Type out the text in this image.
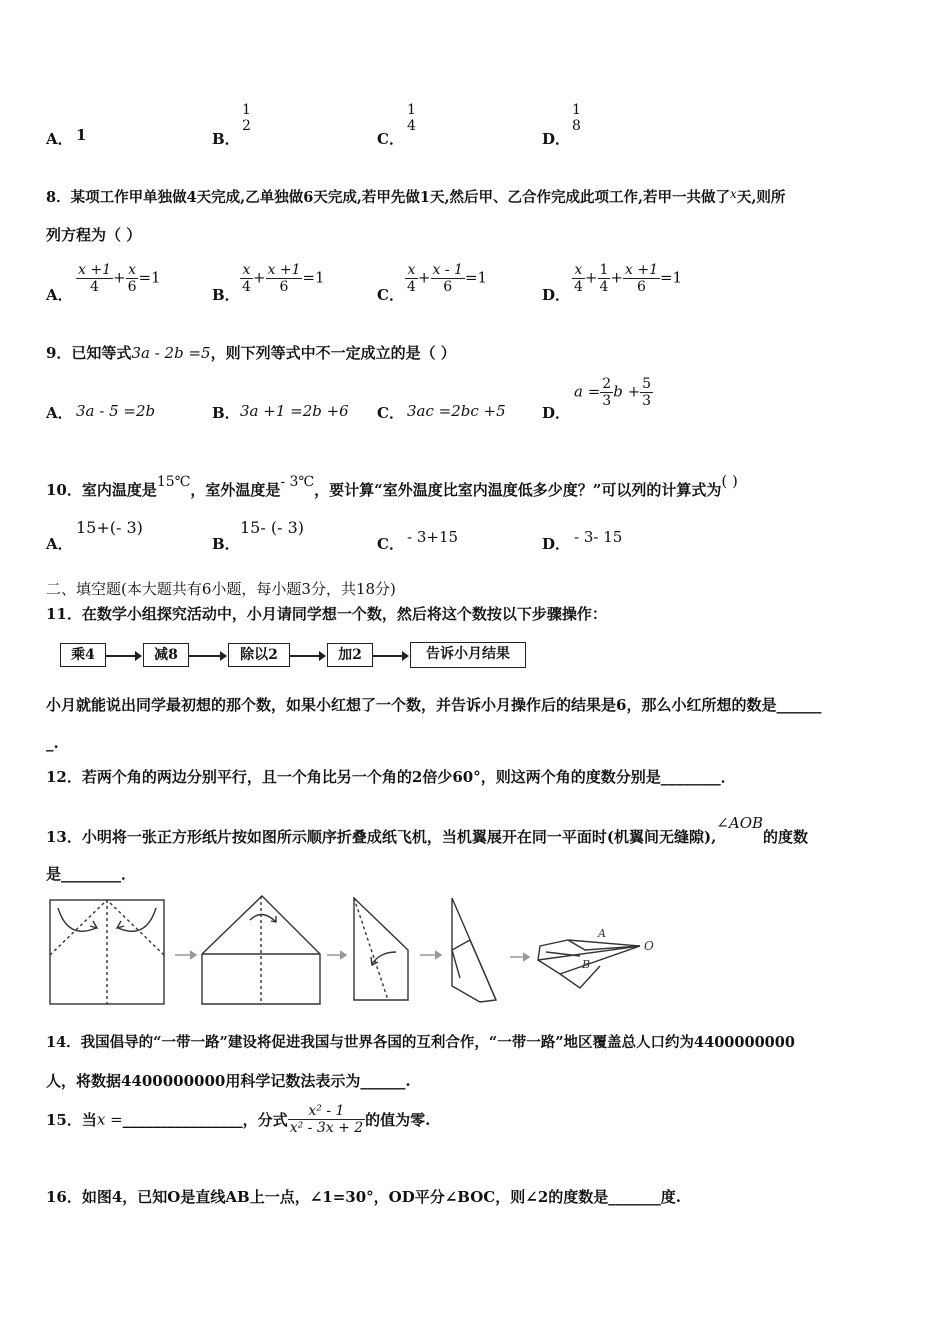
A． 1	B．
1
2
C．
1
4
D．
1
8
8．某项工作甲单独做4天完成,乙单独做6天完成,若甲先做1天,然后甲、乙合作完成此项工作,若甲一共做了$^x$天,则所
列方程为（ ）
A． $\frac{x +1}{4} + \frac{x}{6} =1$
B． $\frac{x}{4} + \frac{x +1}{6} =1$
C． $\frac{x}{4} + \frac{x - 1}{6} =1$
D． $\frac{x}{4} + \frac{1}{4} + \frac{x +1}{6} =1$
9．已知等式3a - 2b =5，则下列等式中不一定成立的是（ ）
A． 3a - 5 =2b	B． 3a +1 =2b +6 C． 3ac =2bc +5 D．
$a = \frac{2}{3}$ $b + \frac{5}{3}$
10．室内温度是15℃，室外温度是- 3℃，要计算“室外温度比室内温度低多少度？”可以列的计算式为( )
A．
15+(- 3)
B．
15- (- 3)
C． - 3+15	D． - 3- 15
二、填空题(本大题共有6小题，每小题3分，共18分)
11．在数学小组探究活动中，小月请同学想一个数，然后将这个数按以下步骤操作：
乘4	减8	除以2	加2	告诉小月结果
小月就能说出同学最初想的那个数，如果小红想了一个数，并告诉小月操作后的结果是6，那么小红所想的数是______
_.
12．若两个角的两边分别平行，且一个角比另一个角的2倍少60°，则这两个角的度数分别是________．
13．小明将一张正方形纸片按如图所示顺序折叠成纸飞机，当机翼展开在同一平面时(机翼间无缝隙),∠AOB的度数
是________．
A
B
O
14．我国倡导的“一带一路”建设将促进我国与世界各国的互利合作，“一带一路”地区覆盖总人口约为4400000000
人，将数据4400000000用科学记数法表示为______.
15．当x =________________，分式 $\frac{\text{x² - 1}}{\text{x² - 3x + 2}}$ 的值为零.
16．如图4，已知O是直线AB上一点，∠1=30°，OD平分∠BOC，则∠2的度数是_______度.
